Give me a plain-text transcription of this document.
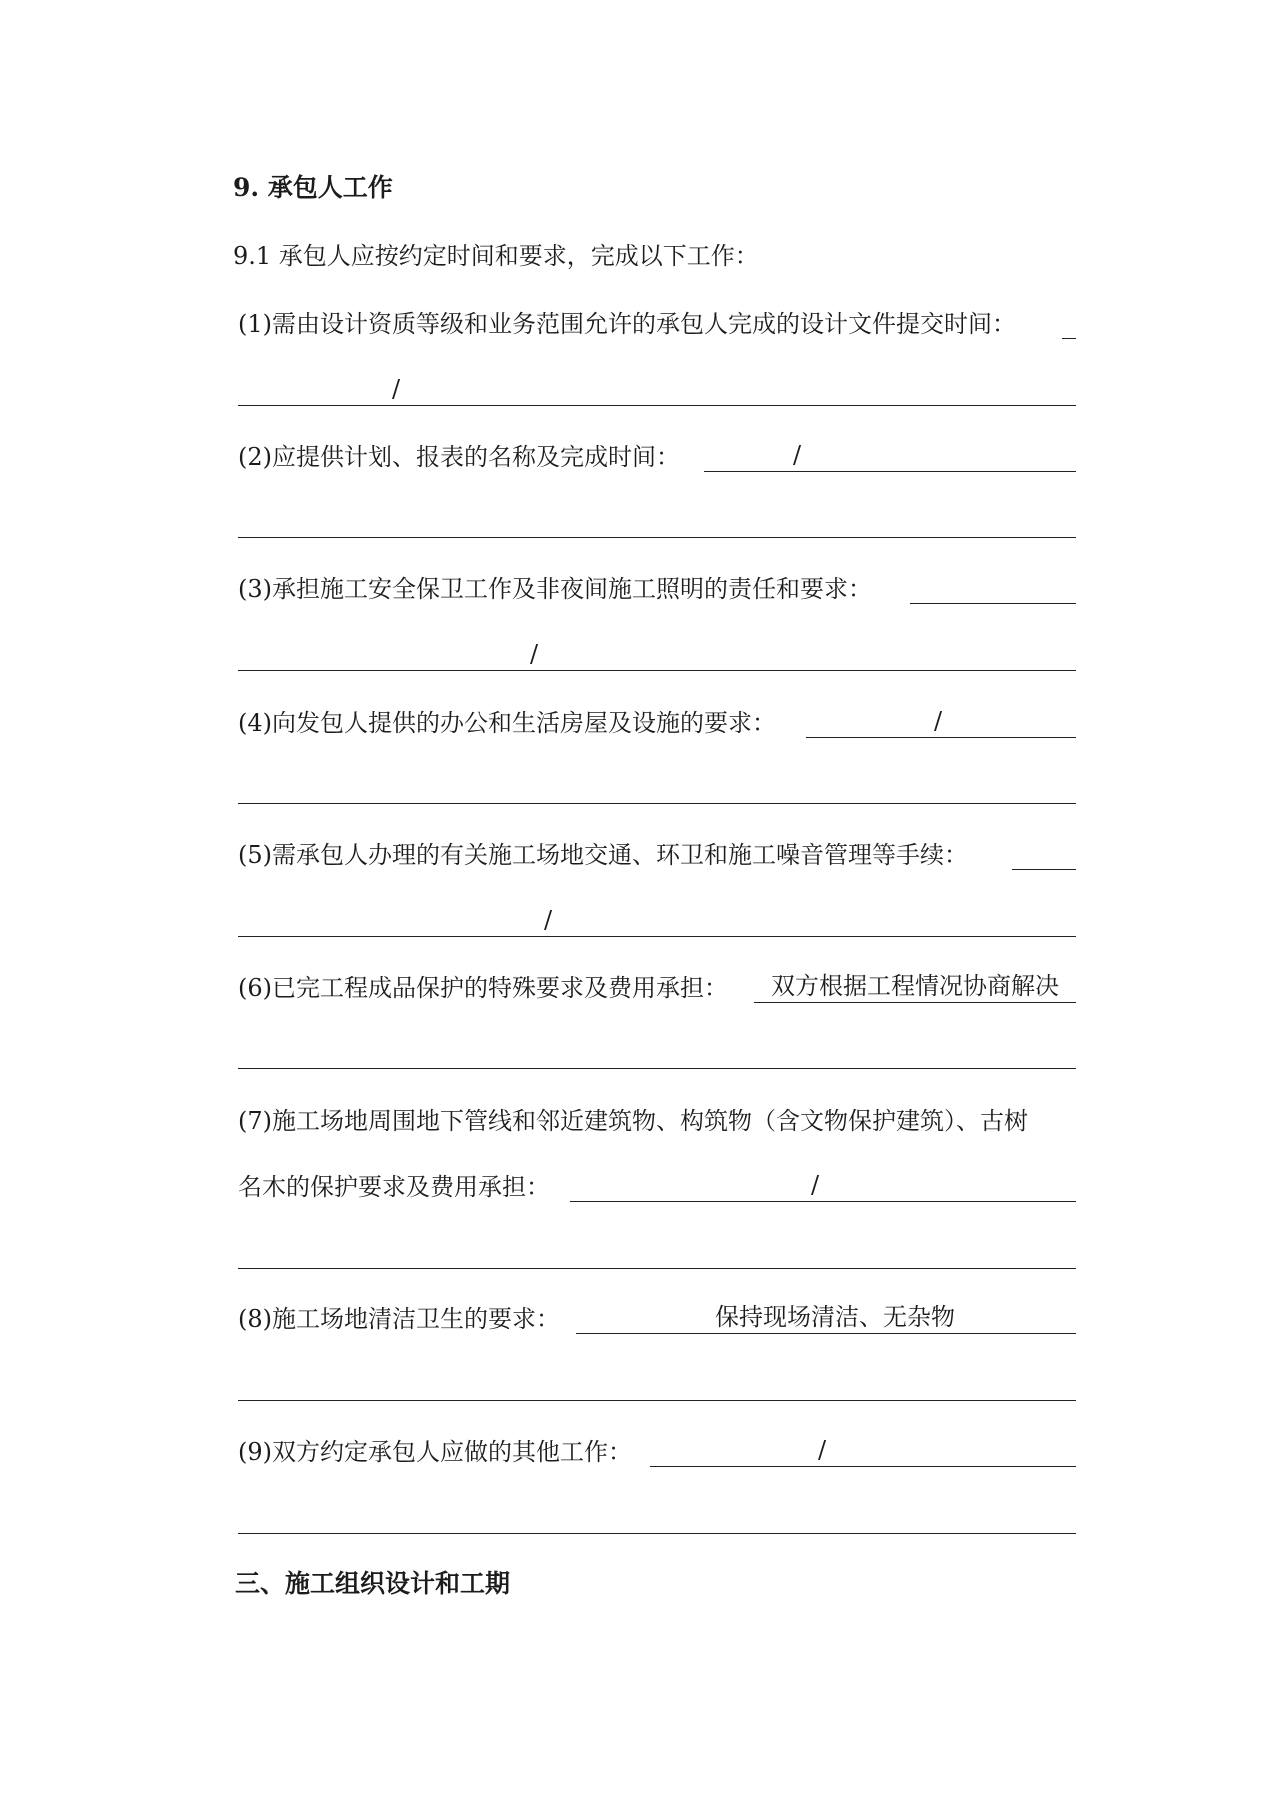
9. 承包人工作
9.1 承包人应按约定时间和要求，完成以下工作：
(1)需由设计资质等级和业务范围允许的承包人完成的设计文件提交时间：
/
(2)应提供计划、报表的名称及完成时间：	/
(3)承担施工安全保卫工作及非夜间施工照明的责任和要求：
/
(4)向发包人提供的办公和生活房屋及设施的要求：	/
(5)需承包人办理的有关施工场地交通、环卫和施工噪音管理等手续：
/
(6)已完工程成品保护的特殊要求及费用承担：	双方根据工程情况协商解决
(7)施工场地周围地下管线和邻近建筑物、构筑物（含文物保护建筑）、古树
名木的保护要求及费用承担：	/
(8)施工场地清洁卫生的要求：	保持现场清洁、无杂物
(9)双方约定承包人应做的其他工作：	/
三、施工组织设计和工期
